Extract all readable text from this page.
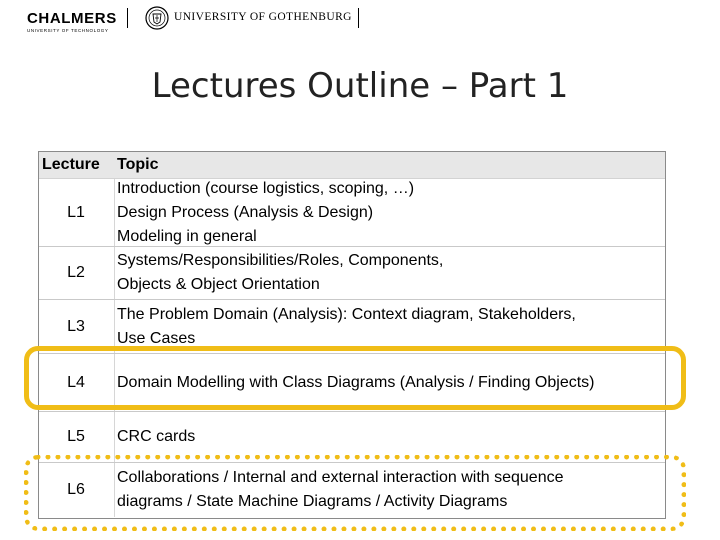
CHALMERS
UNIVERSITY OF TECHNOLOGY
UNIVERSITY OF GOTHENBURG
Lectures Outline – Part 1
Lecture Topic
L1
Introduction (course logistics, scoping, …)
Design Process (Analysis & Design)
Modeling in general
L2
Systems/Responsibilities/Roles, Components,
Objects & Object Orientation
L3
The Problem Domain (Analysis): Context diagram, Stakeholders,
Use Cases
L4	Domain Modelling with Class Diagrams (Analysis / Finding Objects)
L5	CRC cards
L6
Collaborations / Internal and external interaction with sequence
diagrams / State Machine Diagrams / Activity Diagrams
